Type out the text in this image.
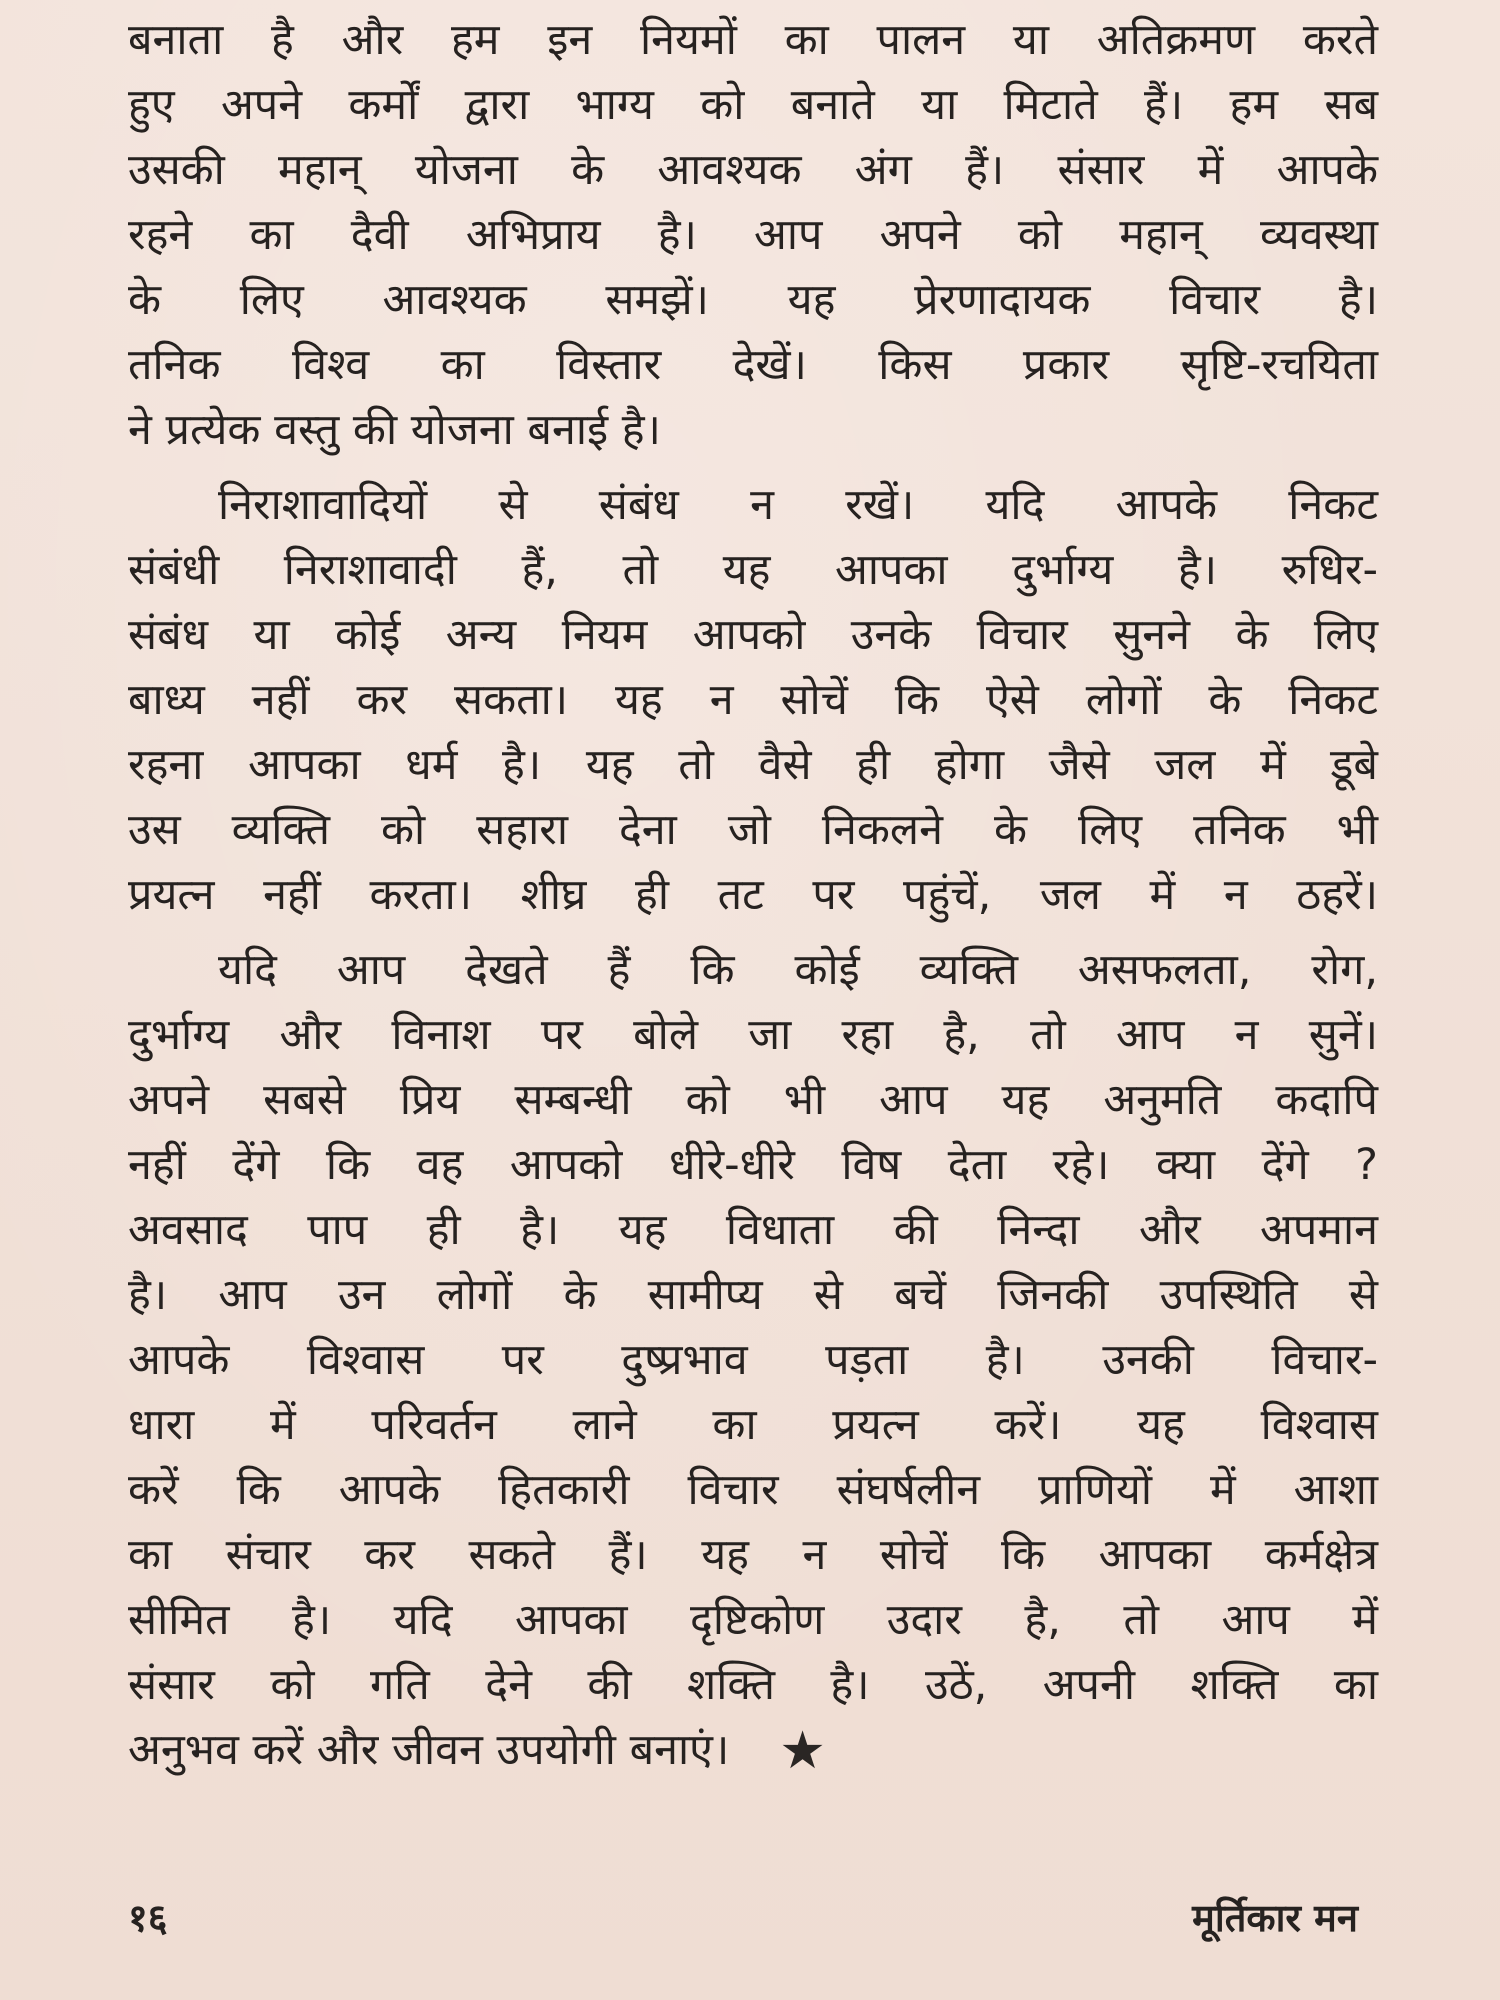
बनाता है और हम इन नियमों का पालन या अतिक्रमण करते
हुए अपने कर्मों द्वारा भाग्य को बनाते या मिटाते हैं। हम सब
उसकी महान् योजना के आवश्यक अंग हैं। संसार में आपके
रहने का दैवी अभिप्राय है। आप अपने को महान् व्यवस्था
के लिए आवश्यक समझें। यह प्रेरणादायक विचार है।
तनिक विश्व का विस्तार देखें। किस प्रकार सृष्टि-रचयिता
ने प्रत्येक वस्तु की योजना बनाई है।
निराशावादियों से संबंध न रखें। यदि आपके निकट
संबंधी निराशावादी हैं, तो यह आपका दुर्भाग्य है। रुधिर-
संबंध या कोई अन्य नियम आपको उनके विचार सुनने के लिए
बाध्य नहीं कर सकता। यह न सोचें कि ऐसे लोगों के निकट
रहना आपका धर्म है। यह तो वैसे ही होगा जैसे जल में डूबे
उस व्यक्ति को सहारा देना जो निकलने के लिए तनिक भी
प्रयत्न नहीं करता। शीघ्र ही तट पर पहुंचें, जल में न ठहरें।
यदि आप देखते हैं कि कोई व्यक्ति असफलता, रोग,
दुर्भाग्य और विनाश पर बोले जा रहा है, तो आप न सुनें।
अपने सबसे प्रिय सम्बन्धी को भी आप यह अनुमति कदापि
नहीं देंगे कि वह आपको धीरे-धीरे विष देता रहे। क्या देंगे ?
अवसाद पाप ही है। यह विधाता की निन्दा और अपमान
है। आप उन लोगों के सामीप्य से बचें जिनकी उपस्थिति से
आपके विश्वास पर दुष्प्रभाव पड़ता है। उनकी विचार-
धारा में परिवर्तन लाने का प्रयत्न करें। यह विश्वास
करें कि आपके हितकारी विचार संघर्षलीन प्राणियों में आशा
का संचार कर सकते हैं। यह न सोचें कि आपका कर्मक्षेत्र
सीमित है। यदि आपका दृष्टिकोण उदार है, तो आप में
संसार को गति देने की शक्ति है। उठें, अपनी शक्ति का
अनुभव करें और जीवन उपयोगी बनाएं। ★
१६	मूर्तिकार मन
